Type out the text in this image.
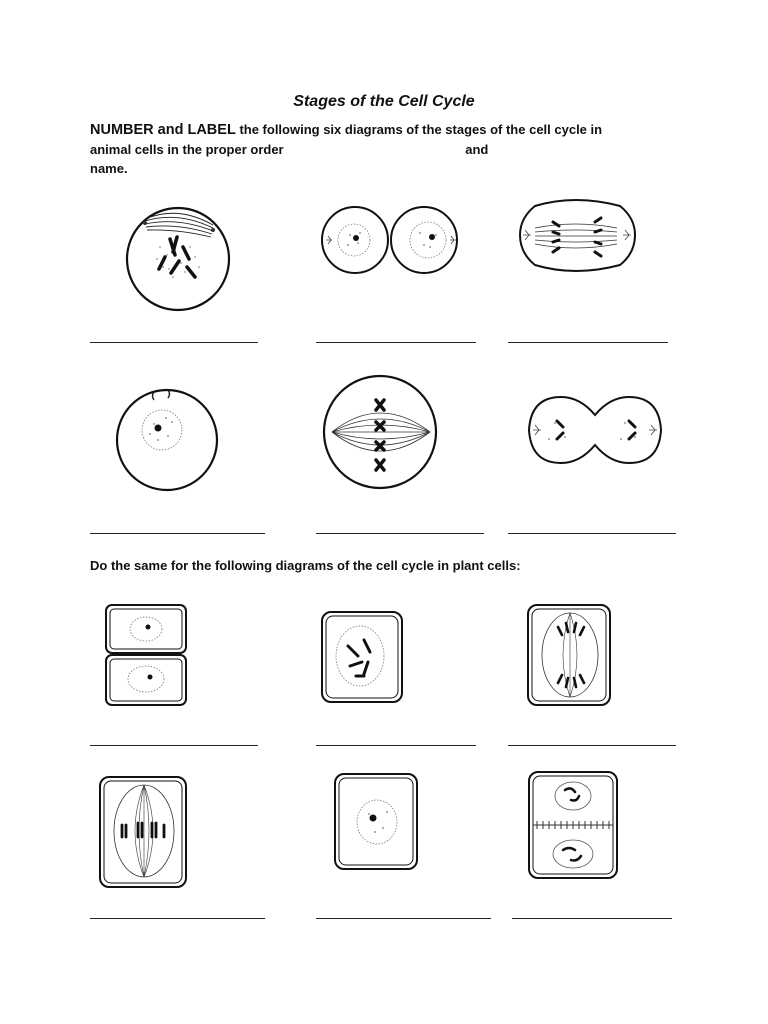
Stages of the Cell Cycle
NUMBER and LABEL the following six diagrams of the stages of the cell cycle in
animal cells in the proper order	and
name.
Do the same for the following diagrams of the cell cycle in plant cells:
